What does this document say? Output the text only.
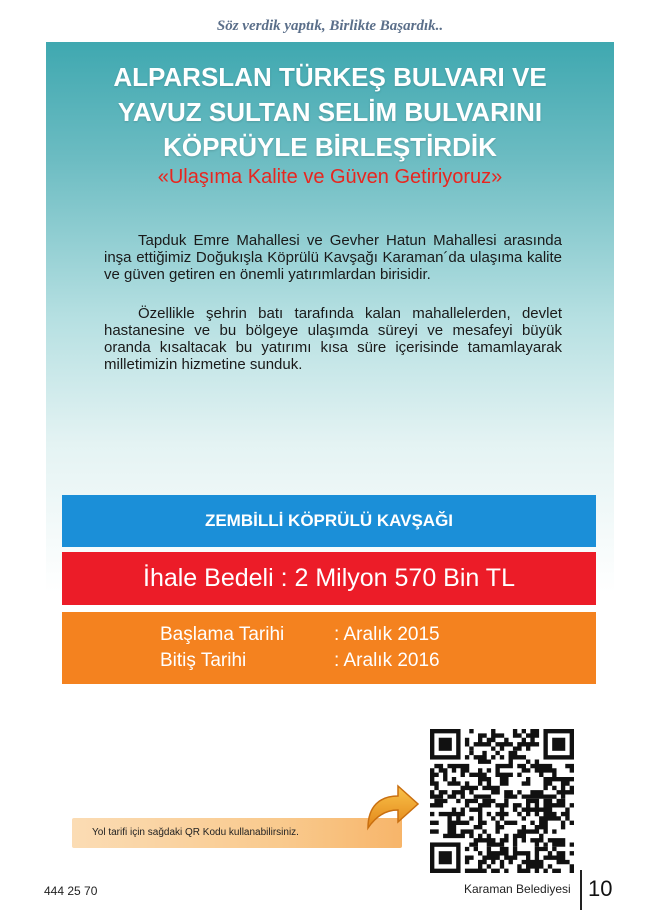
Söz verdik yaptık, Birlikte Başardık..
ALPARSLAN TÜRKEŞ BULVARI VE
YAVUZ SULTAN SELİM BULVARINI
KÖPRÜYLE BİRLEŞTİRDİK
«Ulaşıma Kalite ve Güven Getiriyoruz»

Tapduk Emre Mahallesi ve Gevher Hatun Mahallesi arasında inşa ettiğimiz Doğukışla Köprülü Kavşağı Karaman´da ulaşıma kalite ve güven getiren en önemli yatırımlardan birisidir.

Özellikle şehrin batı tarafında kalan mahallelerden, devlet hastanesine ve bu bölgeye ulaşımda süreyi ve mesafeyi büyük oranda kısaltacak bu yatırımı kısa süre içerisinde tamamlayarak milletimizin hizmetine sunduk.

ZEMBİLLİ KÖPRÜLÜ KAVŞAĞI
İhale Bedeli : 2 Milyon 570 Bin TL
Başlama Tarihi	: Aralık 2015
Bitiş Tarihi	: Aralık 2016
Yol tarifi için sağdaki QR Kodu kullanabilirsiniz.
444 25 70	Karaman Belediyesi 10
